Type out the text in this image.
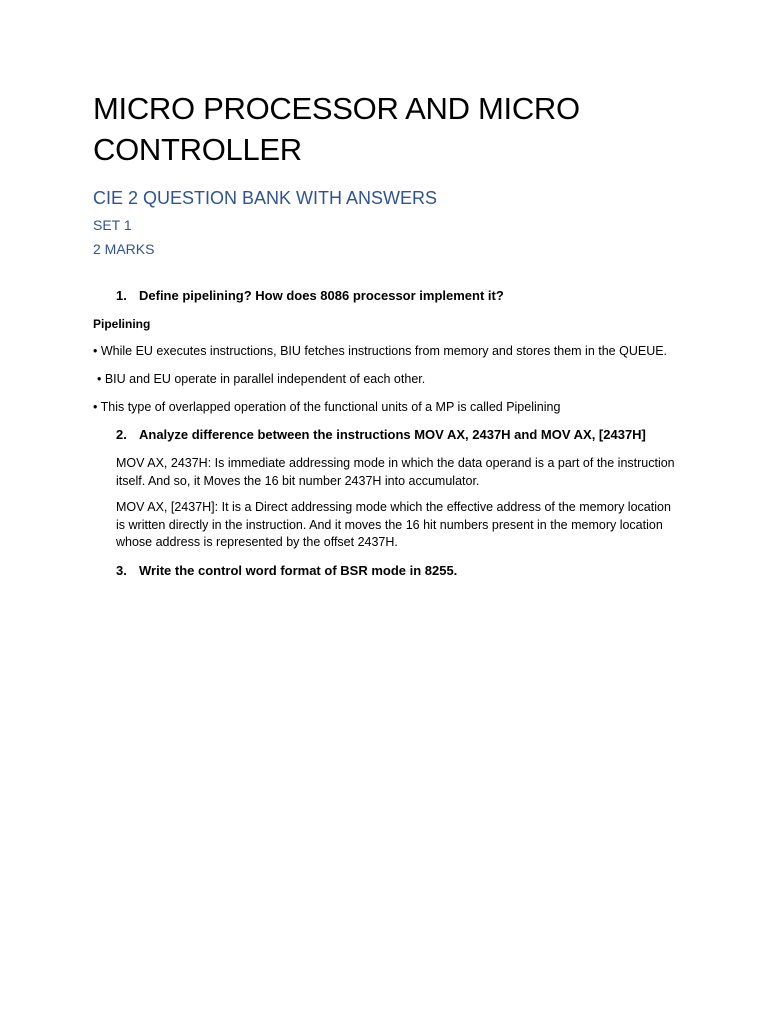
MICRO PROCESSOR AND MICRO CONTROLLER
CIE 2 QUESTION BANK WITH ANSWERS
SET 1
2 MARKS
1. Define pipelining? How does 8086 processor implement it?
Pipelining
• While EU executes instructions, BIU fetches instructions from memory and stores them in the QUEUE.
• BIU and EU operate in parallel independent of each other.
• This type of overlapped operation of the functional units of a MP is called Pipelining
2. Analyze difference between the instructions MOV AX, 2437H and MOV AX, [2437H]
MOV AX, 2437H: Is immediate addressing mode in which the data operand is a part of the instruction itself. And so, it Moves the 16 bit number 2437H into accumulator.
MOV AX, [2437H]: It is a Direct addressing mode which the effective address of the memory location is written directly in the instruction. And it moves the 16 hit numbers present in the memory location whose address is represented by the offset 2437H.
3. Write the control word format of BSR mode in 8255.
